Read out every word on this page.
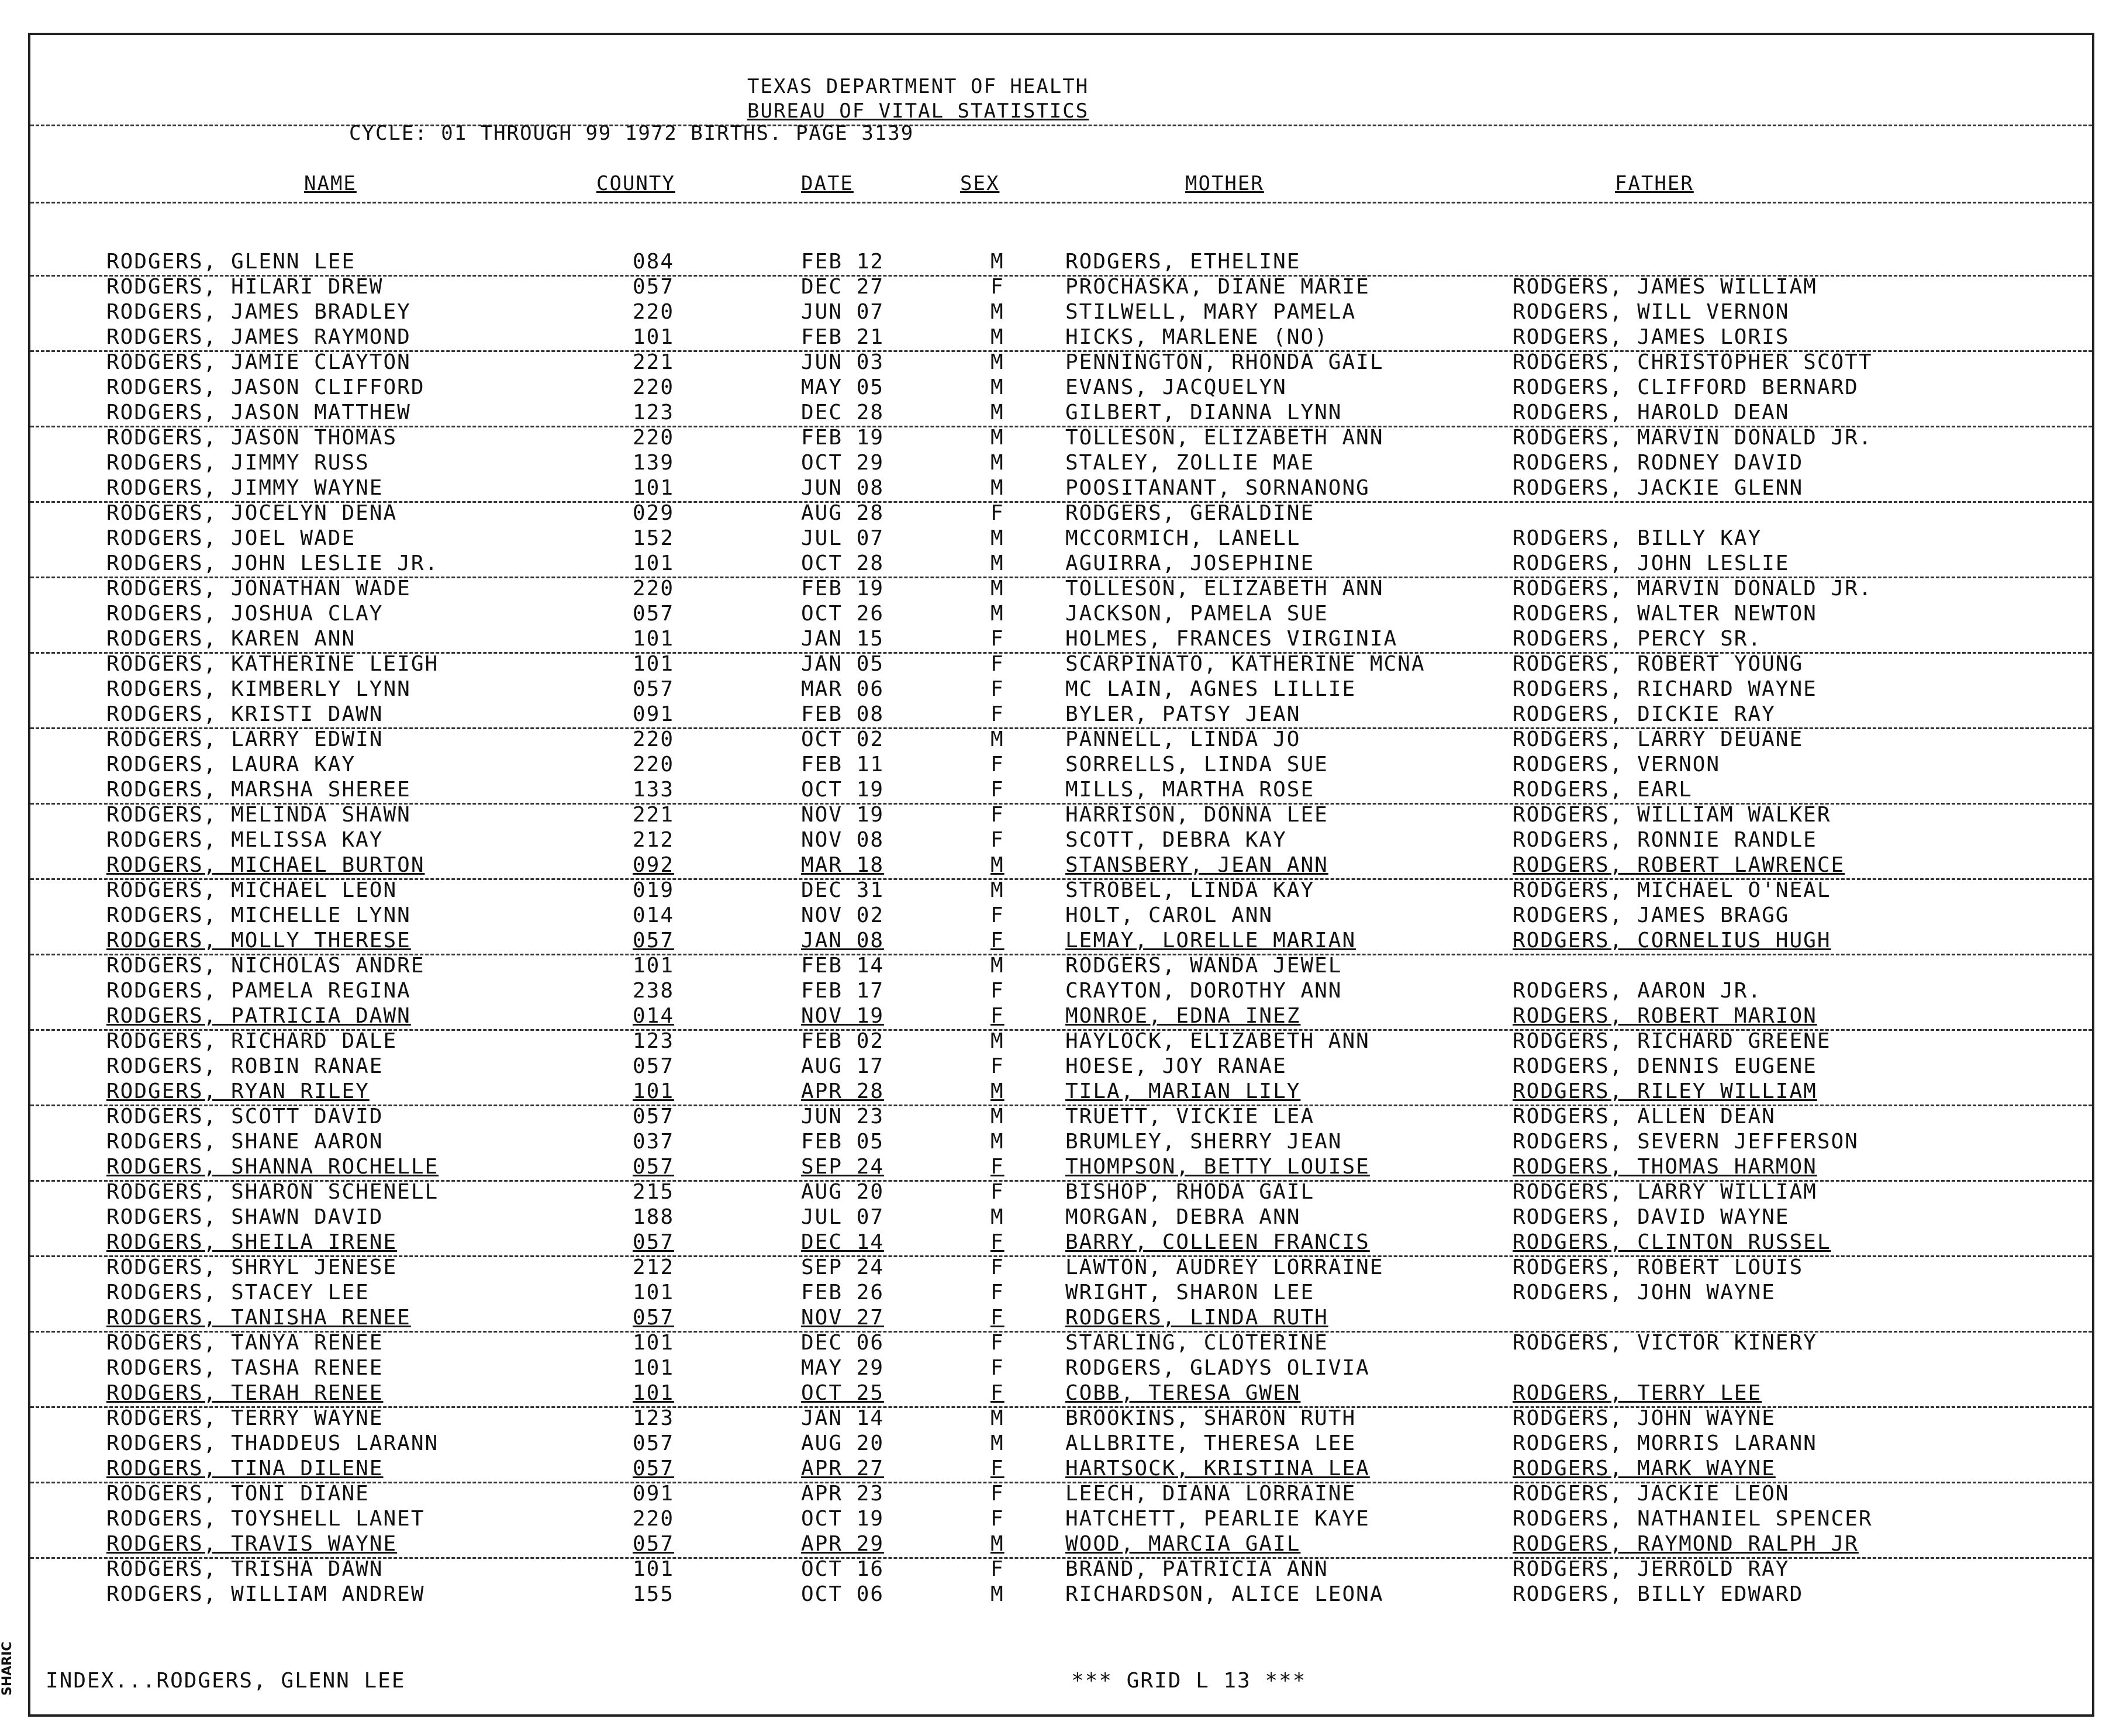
TEXAS DEPARTMENT OF HEALTH
BUREAU OF VITAL STATISTICS
CYCLE: 01 THROUGH 99 1972 BIRTHS. PAGE 3139
NAME	COUNTY	DATE	SEX	MOTHER	FATHER
RODGERS, GLENN LEE	084	FEB 12	M	RODGERS, ETHELINE
RODGERS, HILARI DREW	057	DEC 27	F	PROCHASKA, DIANE MARIE	RODGERS, JAMES WILLIAM
RODGERS, JAMES BRADLEY	220	JUN 07	M	STILWELL, MARY PAMELA	RODGERS, WILL VERNON
RODGERS, JAMES RAYMOND	101	FEB 21	M	HICKS, MARLENE (NO)	RODGERS, JAMES LORIS
RODGERS, JAMIE CLAYTON	221	JUN 03	M	PENNINGTON, RHONDA GAIL	RODGERS, CHRISTOPHER SCOTT
RODGERS, JASON CLIFFORD	220	MAY 05	M	EVANS, JACQUELYN	RODGERS, CLIFFORD BERNARD
RODGERS, JASON MATTHEW	123	DEC 28	M	GILBERT, DIANNA LYNN	RODGERS, HAROLD DEAN
RODGERS, JASON THOMAS	220	FEB 19	M	TOLLESON, ELIZABETH ANN	RODGERS, MARVIN DONALD JR.
RODGERS, JIMMY RUSS	139	OCT 29	M	STALEY, ZOLLIE MAE	RODGERS, RODNEY DAVID
RODGERS, JIMMY WAYNE	101	JUN 08	M	POOSITANANT, SORNANONG	RODGERS, JACKIE GLENN
RODGERS, JOCELYN DENA	029	AUG 28	F	RODGERS, GERALDINE
RODGERS, JOEL WADE	152	JUL 07	M	MCCORMICH, LANELL	RODGERS, BILLY KAY
RODGERS, JOHN LESLIE JR.	101	OCT 28	M	AGUIRRA, JOSEPHINE	RODGERS, JOHN LESLIE
RODGERS, JONATHAN WADE	220	FEB 19	M	TOLLESON, ELIZABETH ANN	RODGERS, MARVIN DONALD JR.
RODGERS, JOSHUA CLAY	057	OCT 26	M	JACKSON, PAMELA SUE	RODGERS, WALTER NEWTON
RODGERS, KAREN ANN	101	JAN 15	F	HOLMES, FRANCES VIRGINIA	RODGERS, PERCY SR.
RODGERS, KATHERINE LEIGH	101	JAN 05	F	SCARPINATO, KATHERINE MCNA	RODGERS, ROBERT YOUNG
RODGERS, KIMBERLY LYNN	057	MAR 06	F	MC LAIN, AGNES LILLIE	RODGERS, RICHARD WAYNE
RODGERS, KRISTI DAWN	091	FEB 08	F	BYLER, PATSY JEAN	RODGERS, DICKIE RAY
RODGERS, LARRY EDWIN	220	OCT 02	M	PANNELL, LINDA JO	RODGERS, LARRY DEUANE
RODGERS, LAURA KAY	220	FEB 11	F	SORRELLS, LINDA SUE	RODGERS, VERNON
RODGERS, MARSHA SHEREE	133	OCT 19	F	MILLS, MARTHA ROSE	RODGERS, EARL
RODGERS, MELINDA SHAWN	221	NOV 19	F	HARRISON, DONNA LEE	RODGERS, WILLIAM WALKER
RODGERS, MELISSA KAY	212	NOV 08	F	SCOTT, DEBRA KAY	RODGERS, RONNIE RANDLE
RODGERS, MICHAEL BURTON	092	MAR 18	M	STANSBERY, JEAN ANN	RODGERS, ROBERT LAWRENCE
RODGERS, MICHAEL LEON	019	DEC 31	M	STROBEL, LINDA KAY	RODGERS, MICHAEL O'NEAL
RODGERS, MICHELLE LYNN	014	NOV 02	F	HOLT, CAROL ANN	RODGERS, JAMES BRAGG
RODGERS, MOLLY THERESE	057	JAN 08	F	LEMAY, LORELLE MARIAN	RODGERS, CORNELIUS HUGH
RODGERS, NICHOLAS ANDRE	101	FEB 14	M	RODGERS, WANDA JEWEL
RODGERS, PAMELA REGINA	238	FEB 17	F	CRAYTON, DOROTHY ANN	RODGERS, AARON JR.
RODGERS, PATRICIA DAWN	014	NOV 19	F	MONROE, EDNA INEZ	RODGERS, ROBERT MARION
RODGERS, RICHARD DALE	123	FEB 02	M	HAYLOCK, ELIZABETH ANN	RODGERS, RICHARD GREENE
RODGERS, ROBIN RANAE	057	AUG 17	F	HOESE, JOY RANAE	RODGERS, DENNIS EUGENE
RODGERS, RYAN RILEY	101	APR 28	M	TILA, MARIAN LILY	RODGERS, RILEY WILLIAM
RODGERS, SCOTT DAVID	057	JUN 23	M	TRUETT, VICKIE LEA	RODGERS, ALLEN DEAN
RODGERS, SHANE AARON	037	FEB 05	M	BRUMLEY, SHERRY JEAN	RODGERS, SEVERN JEFFERSON
RODGERS, SHANNA ROCHELLE	057	SEP 24	F	THOMPSON, BETTY LOUISE	RODGERS, THOMAS HARMON
RODGERS, SHARON SCHENELL	215	AUG 20	F	BISHOP, RHODA GAIL	RODGERS, LARRY WILLIAM
RODGERS, SHAWN DAVID	188	JUL 07	M	MORGAN, DEBRA ANN	RODGERS, DAVID WAYNE
RODGERS, SHEILA IRENE	057	DEC 14	F	BARRY, COLLEEN FRANCIS	RODGERS, CLINTON RUSSEL
RODGERS, SHRYL JENESE	212	SEP 24	F	LAWTON, AUDREY LORRAINE	RODGERS, ROBERT LOUIS
RODGERS, STACEY LEE	101	FEB 26	F	WRIGHT, SHARON LEE	RODGERS, JOHN WAYNE
RODGERS, TANISHA RENEE	057	NOV 27	F	RODGERS, LINDA RUTH
RODGERS, TANYA RENEE	101	DEC 06	F	STARLING, CLOTERINE	RODGERS, VICTOR KINERY
RODGERS, TASHA RENEE	101	MAY 29	F	RODGERS, GLADYS OLIVIA
RODGERS, TERAH RENEE	101	OCT 25	F	COBB, TERESA GWEN	RODGERS, TERRY LEE
RODGERS, TERRY WAYNE	123	JAN 14	M	BROOKINS, SHARON RUTH	RODGERS, JOHN WAYNE
RODGERS, THADDEUS LARANN	057	AUG 20	M	ALLBRITE, THERESA LEE	RODGERS, MORRIS LARANN
RODGERS, TINA DILENE	057	APR 27	F	HARTSOCK, KRISTINA LEA	RODGERS, MARK WAYNE
RODGERS, TONI DIANE	091	APR 23	F	LEECH, DIANA LORRAINE	RODGERS, JACKIE LEON
RODGERS, TOYSHELL LANET	220	OCT 19	F	HATCHETT, PEARLIE KAYE	RODGERS, NATHANIEL SPENCER
RODGERS, TRAVIS WAYNE	057	APR 29	M	WOOD, MARCIA GAIL	RODGERS, RAYMOND RALPH JR
RODGERS, TRISHA DAWN	101	OCT 16	F	BRAND, PATRICIA ANN	RODGERS, JERROLD RAY
RODGERS, WILLIAM ANDREW	155	OCT 06	M	RICHARDSON, ALICE LEONA	RODGERS, BILLY EDWARD
INDEX...RODGERS, GLENN LEE	*** GRID L 13 ***
SHARIC
